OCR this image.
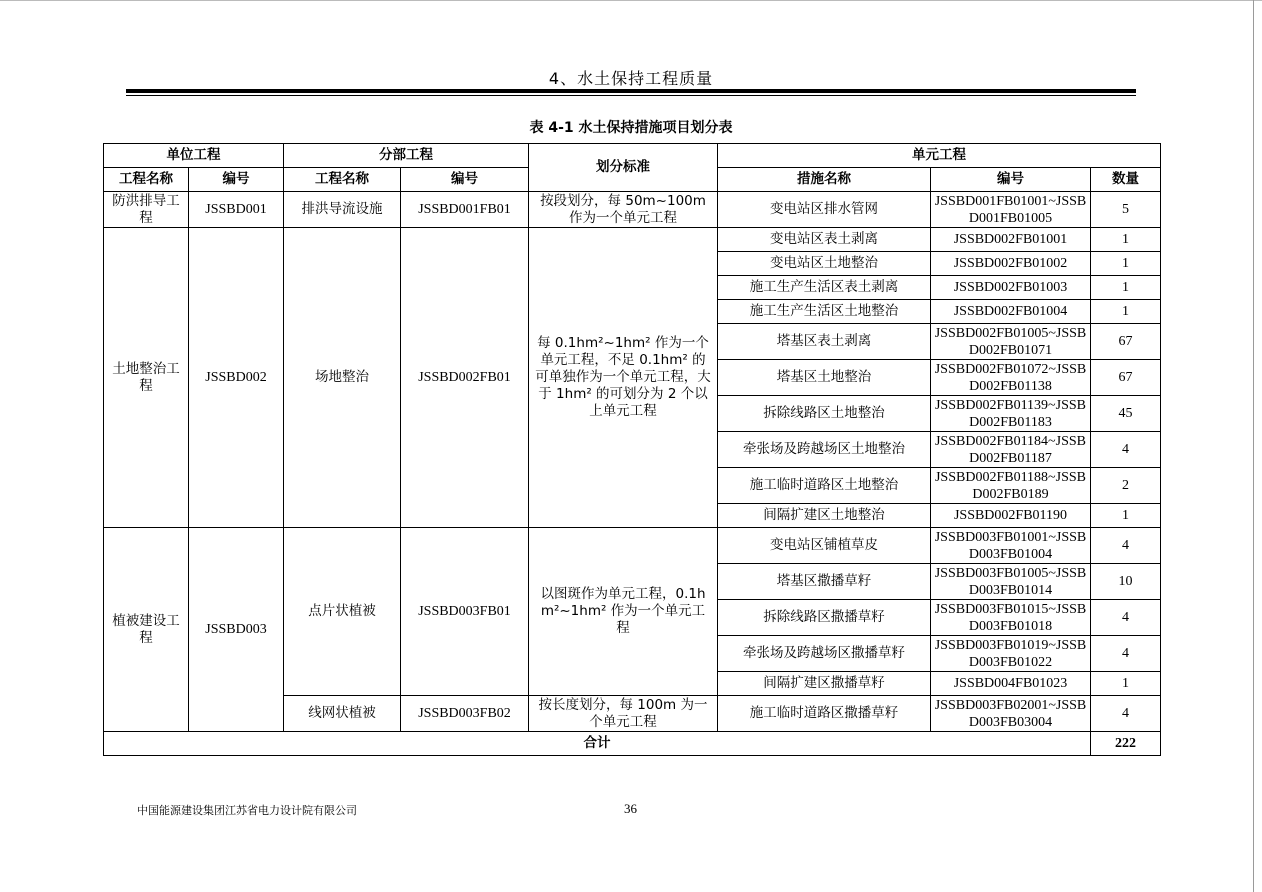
4、水土保持工程质量
表 4-1 水土保持措施项目划分表
单位工程		分部工程		划分标准	单元工程		
工程名称	编号	工程名称	编号		措施名称	编号	数量
防洪排导工程	JSSBD001	排洪导流设施	JSSBD001FB01	按段划分，每 50m~100m 作为一个单元工程	变电站区排水管网	JSSBD001FB01001~JSSBD001FB01005	5
土地整治工程	JSSBD002	场地整治	JSSBD002FB01	每 0.1hm²~1hm² 作为一个单元工程，不足 0.1hm² 的可单独作为一个单元工程，大于 1hm² 的可划分为 2 个以上单元工程	变电站区表土剥离	JSSBD002FB01001	1
					变电站区土地整治	JSSBD002FB01002	1
					施工生产生活区表土剥离	JSSBD002FB01003	1
					施工生产生活区土地整治	JSSBD002FB01004	1
					塔基区表土剥离	JSSBD002FB01005~JSSBD002FB01071	67
					塔基区土地整治	JSSBD002FB01072~JSSBD002FB01138	67
					拆除线路区土地整治	JSSBD002FB01139~JSSBD002FB01183	45
					牵张场及跨越场区土地整治	JSSBD002FB01184~JSSBD002FB01187	4
					施工临时道路区土地整治	JSSBD002FB01188~JSSBD002FB0189	2
					间隔扩建区土地整治	JSSBD002FB01190	1
植被建设工程	JSSBD003	点片状植被	JSSBD003FB01	以图斑作为单元工程，0.1hm²~1hm² 作为一个单元工程	变电站区铺植草皮	JSSBD003FB01001~JSSBD003FB01004	4
					塔基区撒播草籽	JSSBD003FB01005~JSSBD003FB01014	10
					拆除线路区撒播草籽	JSSBD003FB01015~JSSBD003FB01018	4
					牵张场及跨越场区撒播草籽	JSSBD003FB01019~JSSBD003FB01022	4
					间隔扩建区撒播草籽	JSSBD004FB01023	1
		线网状植被	JSSBD003FB02	按长度划分，每 100m 为一个单元工程	施工临时道路区撒播草籽	JSSBD003FB02001~JSSBD003FB03004	4
合计							222
中国能源建设集团江苏省电力设计院有限公司	36
